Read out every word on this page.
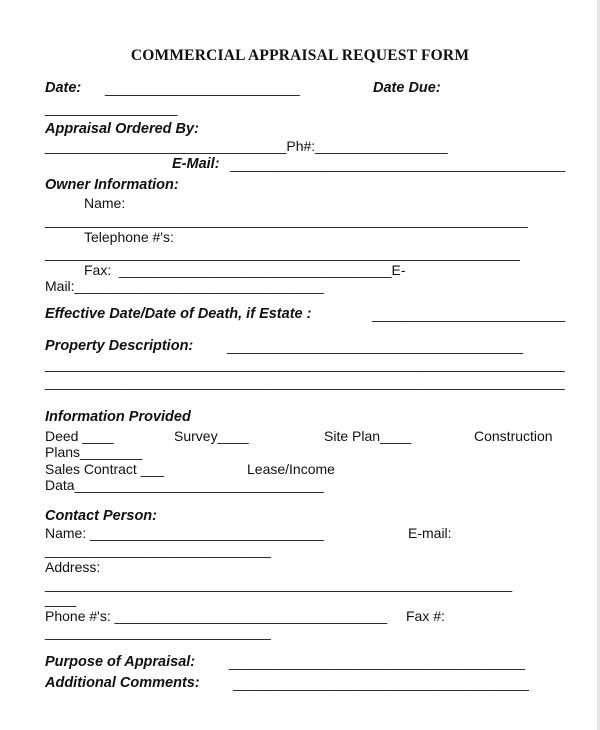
COMMERCIAL APPRAISAL REQUEST FORM
Date: _________________________	Date Due:
_________________
Appraisal Ordered By:
_______________________________Ph#:_________________
E-Mail: ______________________________________________
Owner Information:
Name:
______________________________________________________________
Telephone #'s:
_____________________________________________________________
Fax:  ___________________________________E-
Mail:________________________________
Effective Date/Date of Death, if Estate :	___________________________
Property Description: ______________________________________
___________________________________________________________________
___________________________________________________________________
Information Provided
Deed ____	Survey____	Site Plan____	Construction
Plans________
Sales Contract ___	Lease/Income
Data________________________________
Contact Person:
Name: ______________________________	E-mail:
_____________________________
Address:
____________________________________________________________
____
Phone #'s: ___________________________________ Fax #:
_____________________________
Purpose of Appraisal: ______________________________________
Additional Comments: ______________________________________
